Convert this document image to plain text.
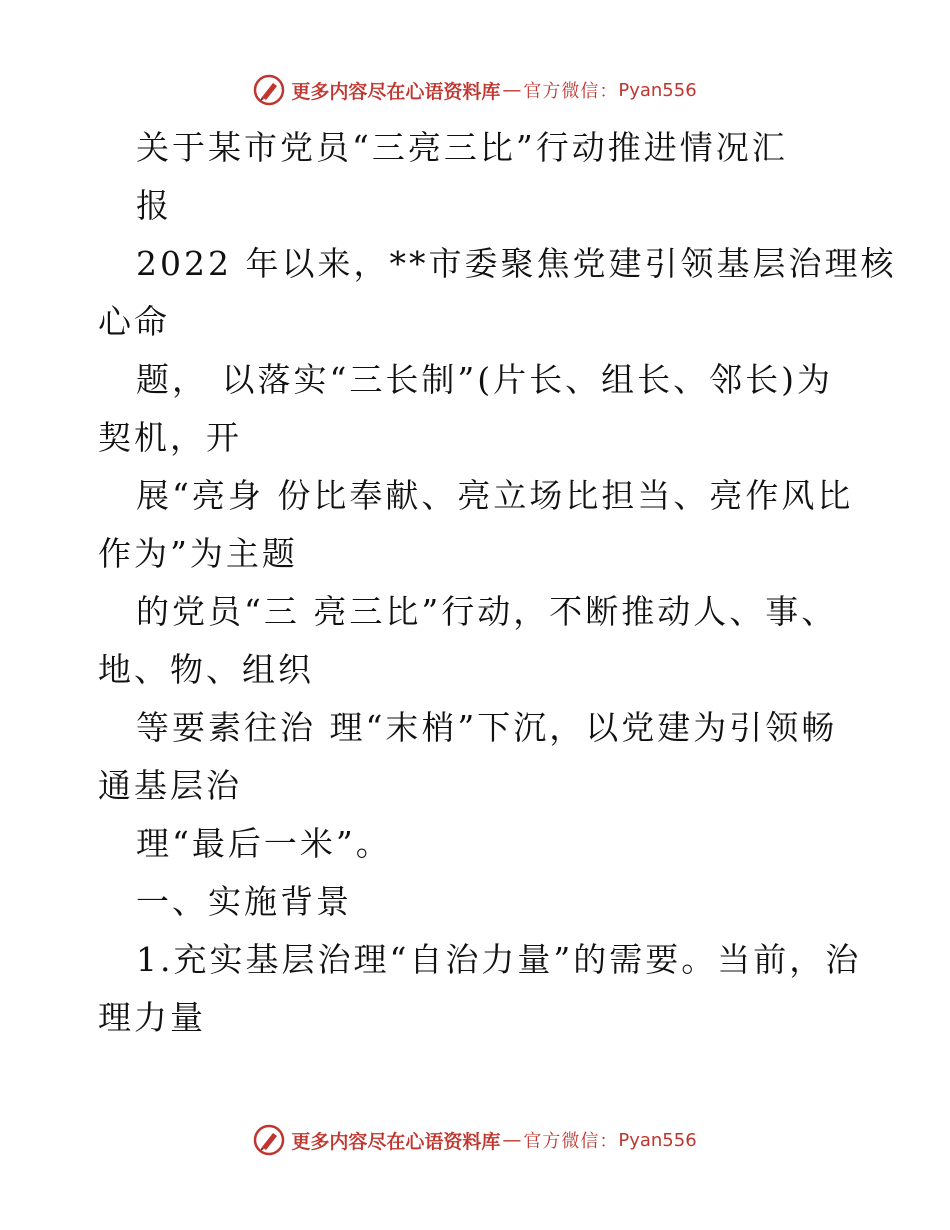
更多内容尽在心语资料库 — 官方微信： Pyan556
关于某市党员“三亮三比”行动推进情况汇
报
2022 年以来，**市委聚焦党建引领基层治理核
心命
题， 以落实“三长制”(片长、组长、邻长)为
契机，开
展“亮身 份比奉献、亮立场比担当、亮作风比
作为”为主题
的党员“三 亮三比”行动，不断推动人、事、
地、物、组织
等要素往治 理“末梢”下沉，以党建为引领畅
通基层治
理“最后一米”。
一、实施背景
1.充实基层治理“自治力量”的需要。当前，治
理力量
更多内容尽在心语资料库 — 官方微信： Pyan556
